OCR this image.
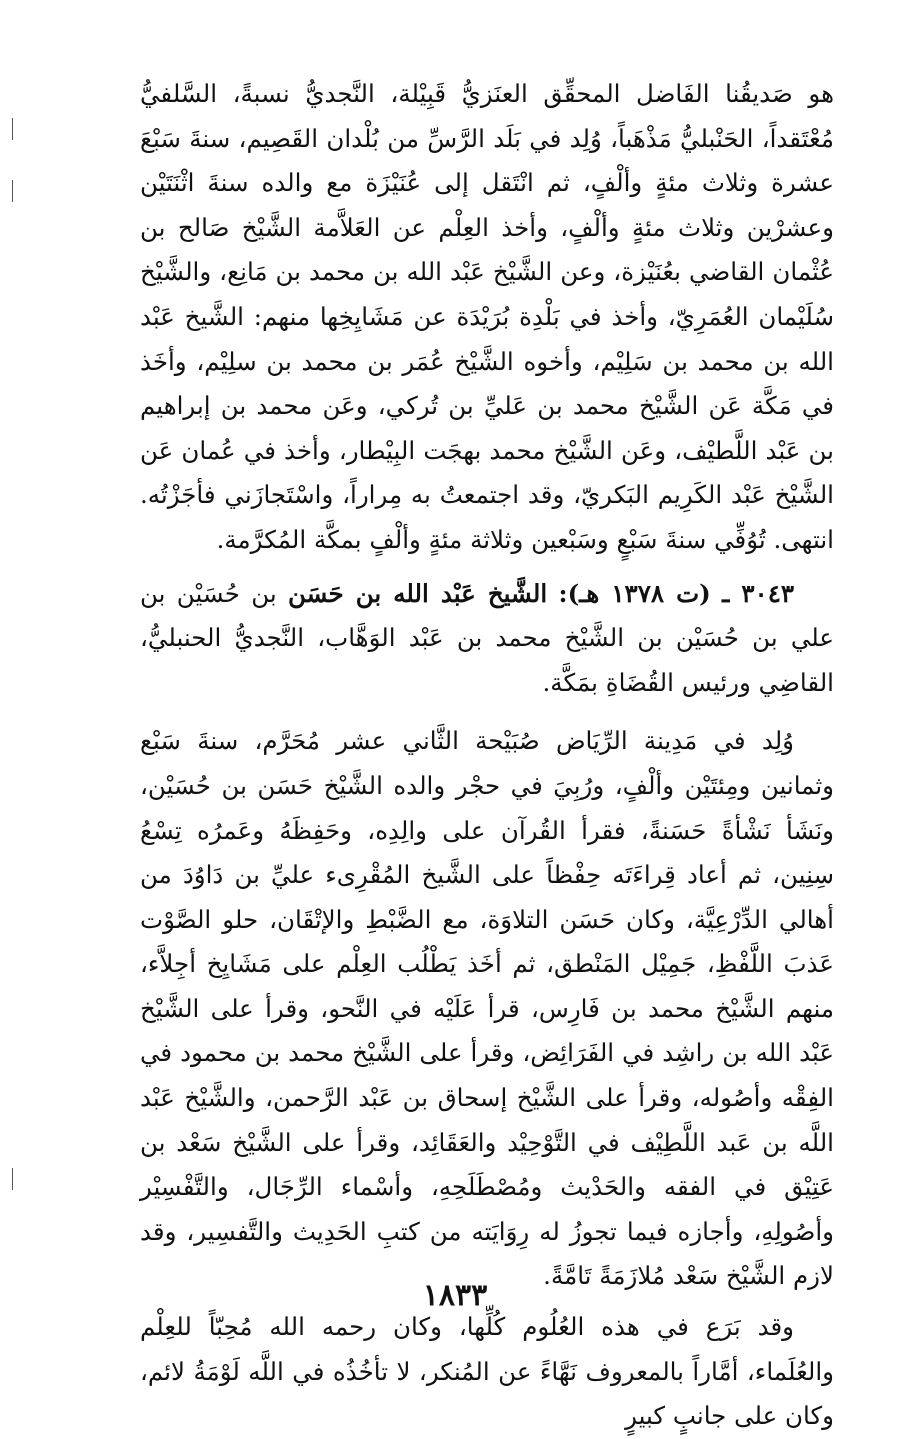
هو صَديقُنا الفَاضل المحقِّق العنَزيُّ قَبِيْلة، النَّجديُّ نسبةً، السَّلفيُّ مُعْتَقداً، الحَنْبليُّ مَذْهَباً، وُلِد في بَلَد الرَّسِّ من بُلْدان القَصِيم، سنةَ سَبْعَ عشرة وثلاث مئةٍ وألْفٍ، ثم انْتَقل إلى عُنَيْزَة مع والده سنةَ اثْنَتَيْن وعشرْين وثلاث مئةٍ وألْفٍ، وأخذ العِلْم عن العَلاَّمة الشَّيْخ صَالح بن عُثْمان القاضي بعُنَيْزة، وعن الشَّيْخ عَبْد الله بن محمد بن مَانِع، والشَّيْخ سُلَيْمان العُمَرِيّ، وأخذ في بَلْدِة بُرَيْدَة عن مَشَايِخِها منهم: الشَّيخ عَبْد الله بن محمد بن سَلِيْم، وأخوه الشَّيْخ عُمَر بن محمد بن سلِيْم، وأخَذ في مَكَّة عَن الشَّيْخ محمد بن عَليِّ بن تُركي، وعَن محمد بن إبراهيم بن عَبْد اللَّطيْف، وعَن الشَّيْخ محمد بهجَت البِيْطار، وأخذ في عُمان عَن الشَّيْخ عَبْد الكَرِيم البَكريّ، وقد اجتمعتُ به مِراراً، واسْتَجازَني فأجَزْتُه. انتهى. تُوُفِّي سنةَ سَبْعٍ وسَبْعين وثلاثة مئةٍ وألْفٍ بمكَّة المُكرَّمة.

٣٠٤٣ ـ (ت ١٣٧٨ هـ): الشَّيخ عَبْد الله بن حَسَن بن حُسَيْن بن علي بن حُسَيْن بن الشَّيْخ محمد بن عَبْد الوَهَّاب، النَّجديُّ الحنبليُّ، القاضِي ورئيس القُضَاةِ بمَكَّة.

وُلِد في مَدِينة الرِّيَاض صُبَيْحة الثَّاني عشر مُحَرَّم، سنةَ سَبْع وثمانين ومِئتَيْن وألْفٍ، ورُبِيَ في حجْر والده الشَّيْخ حَسَن بن حُسَيْن، ونَشَأ نَشْأةً حَسَنةً، فقرأ القُرآن على والِدِه، وحَفِظَهُ وعَمرُه تِسْعُ سِنِين، ثم أعاد قِراءَتَه حِفْظاً على الشَّيخ المُقْرِىء عليِّ بن دَاوُدَ من أهالي الدِّرْعِيَّة، وكان حَسَن التلاوَة، مع الضَّبْطِ والإتْقَان، حلو الصَّوْت عَذبَ اللَّفْظِ، جَمِيْل المَنْطق، ثم أخَذ يَطْلُب العِلْم على مَشَايِخ أجِلاَّء، منهم الشَّيْخ محمد بن فَارِس، قرأ عَلَيْه في النَّحو، وقرأ على الشَّيْخ عَبْد الله بن راشِد في الفَرَائِض، وقرأ على الشَّيْخ محمد بن محمود في الفِقْه وأصُوله، وقرأ على الشَّيْخ إسحاق بن عَبْد الرَّحمن، والشَّيْخ عَبْد اللَّه بن عَبد اللَّطِيْف في التَّوْحِيْد والعَقَائِد، وقرأ على الشَّيْخ سَعْد بن عَتِيْق في الفقه والحَدْيث ومُصْطَلَحِهِ، وأسْماء الرِّجَال، والتَّفْسِيْر وأصُولِهِ، وأجازه فيما تجوزُ له رِوَايَته من كتبِ الحَدِيث والتَّفسِير، وقد لازم الشَّيْخ سَعْد مُلازَمَةً تَامَّةً.

وقد بَرَع في هذه العُلُوم كُلِّها، وكان رحمه الله مُحِبّاً للعِلْم والعُلَماء، أمَّاراً بالمعروف نَهَّاءً عن المُنكر، لا تأخُذُه في اللَّه لَوْمَةُ لائم، وكان على جانبٍ كبيرٍ

١٨٣٣
